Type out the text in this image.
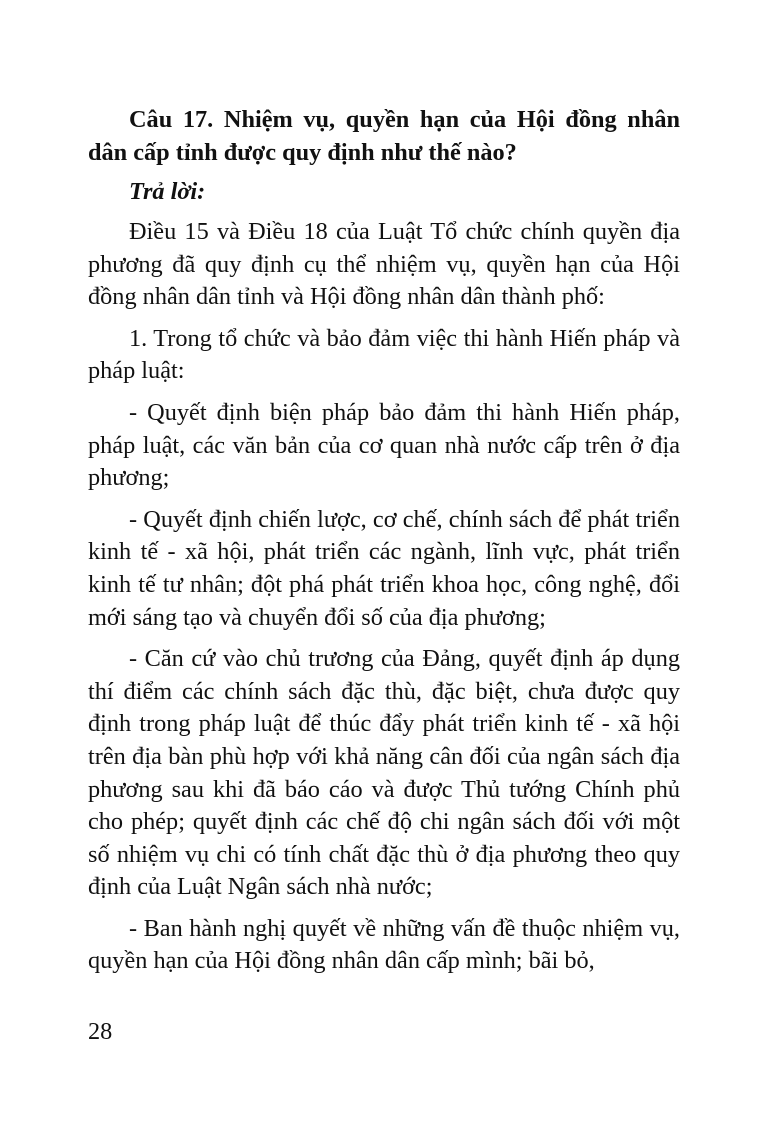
Câu 17. Nhiệm vụ, quyền hạn của Hội đồng nhân dân cấp tỉnh được quy định như thế nào?

Trả lời:

Điều 15 và Điều 18 của Luật Tổ chức chính quyền địa phương đã quy định cụ thể nhiệm vụ, quyền hạn của Hội đồng nhân dân tỉnh và Hội đồng nhân dân thành phố:

1. Trong tổ chức và bảo đảm việc thi hành Hiến pháp và pháp luật:

- Quyết định biện pháp bảo đảm thi hành Hiến pháp, pháp luật, các văn bản của cơ quan nhà nước cấp trên ở địa phương;

- Quyết định chiến lược, cơ chế, chính sách để phát triển kinh tế - xã hội, phát triển các ngành, lĩnh vực, phát triển kinh tế tư nhân; đột phá phát triển khoa học, công nghệ, đổi mới sáng tạo và chuyển đổi số của địa phương;

- Căn cứ vào chủ trương của Đảng, quyết định áp dụng thí điểm các chính sách đặc thù, đặc biệt, chưa được quy định trong pháp luật để thúc đẩy phát triển kinh tế - xã hội trên địa bàn phù hợp với khả năng cân đối của ngân sách địa phương sau khi đã báo cáo và được Thủ tướng Chính phủ cho phép; quyết định các chế độ chi ngân sách đối với một số nhiệm vụ chi có tính chất đặc thù ở địa phương theo quy định của Luật Ngân sách nhà nước;

- Ban hành nghị quyết về những vấn đề thuộc nhiệm vụ, quyền hạn của Hội đồng nhân dân cấp mình; bãi bỏ,

28
